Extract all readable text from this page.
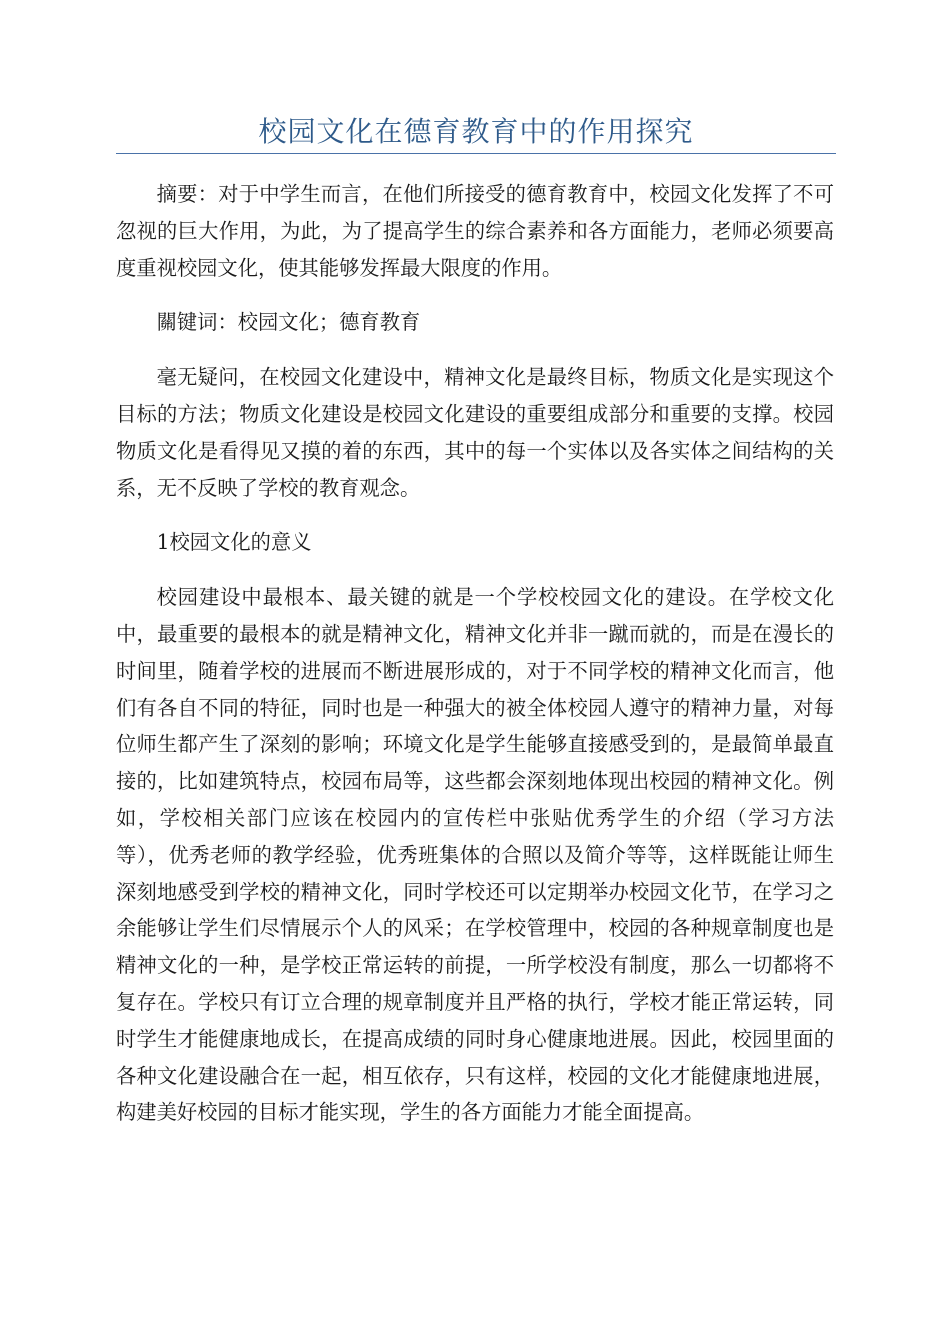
校园文化在德育教育中的作用探究

摘要：对于中学生而言，在他们所接受的德育教育中，校园文化发挥了不可忽视的巨大作用，为此，为了提高学生的综合素养和各方面能力，老师必须要高度重视校园文化，使其能够发挥最大限度的作用。

關键词：校园文化；德育教育

毫无疑问，在校园文化建设中，精神文化是最终目标，物质文化是实现这个目标的方法；物质文化建设是校园文化建设的重要组成部分和重要的支撑。校园物质文化是看得见又摸的着的东西，其中的每一个实体以及各实体之间结构的关系，无不反映了学校的教育观念。

1校园文化的意义

校园建设中最根本、最关键的就是一个学校校园文化的建设。在学校文化中，最重要的最根本的就是精神文化，精神文化并非一蹴而就的，而是在漫长的时间里，随着学校的进展而不断进展形成的，对于不同学校的精神文化而言，他们有各自不同的特征，同时也是一种强大的被全体校园人遵守的精神力量，对每位师生都产生了深刻的影响；环境文化是学生能够直接感受到的，是最简单最直接的，比如建筑特点，校园布局等，这些都会深刻地体现出校园的精神文化。例如，学校相关部门应该在校园内的宣传栏中张贴优秀学生的介绍（学习方法等），优秀老师的教学经验，优秀班集体的合照以及简介等等，这样既能让师生深刻地感受到学校的精神文化，同时学校还可以定期举办校园文化节，在学习之余能够让学生们尽情展示个人的风采；在学校管理中，校园的各种规章制度也是精神文化的一种，是学校正常运转的前提，一所学校没有制度，那么一切都将不复存在。学校只有订立合理的规章制度并且严格的执行，学校才能正常运转，同时学生才能健康地成长，在提高成绩的同时身心健康地进展。因此，校园里面的各种文化建设融合在一起，相互依存，只有这样，校园的文化才能健康地进展，构建美好校园的目标才能实现，学生的各方面能力才能全面提高。
